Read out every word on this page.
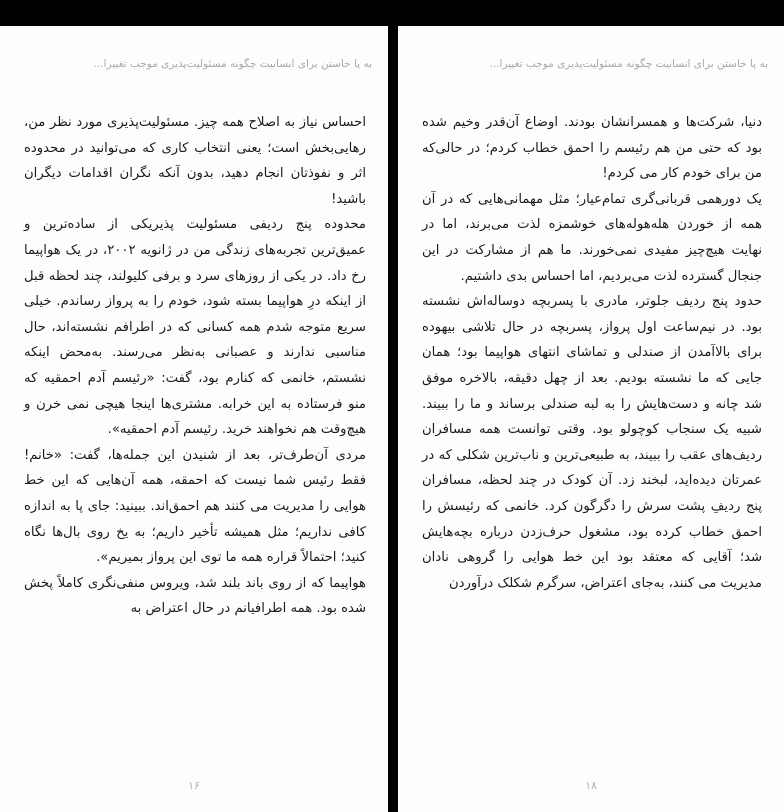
به پا خاستن برای انسانیت چگونه مسئولیت‌پذیری موجب تغییرا...

احساس نیاز به اصلاح همه چیز. مسئولیت‌پذیری مورد نظر من، رهایی‌بخش است؛ یعنی انتخاب کاری که می‌توانید در محدوده اثر و نفوذتان انجام دهید، بدون آنکه نگران اقدامات دیگران باشید!

محدوده پنج ردیفی مسئولیت پذیریکی از ساده‌ترین و عمیق‌ترین تجربه‌های زندگی من در ژانویه ۲۰۰۲، در یک هواپیما رخ داد. در یکی از روزهای سرد و برفی کلیولند، چند لحظه قبل از اینکه درِ هواپیما بسته شود، خودم را به پرواز رساندم. خیلی سریع متوجه شدم همه کسانی که در اطرافم نشسته‌اند، حال مناسبی ندارند و عصبانی به‌نظر می‌رسند. به‌محض اینکه نشستم، خانمی که کنارم بود، گفت: «رئیسم آدم احمقیه که منو فرستاده به این خرابه. مشتری‌ها اینجا هیچی نمی خرن و هیچ‌وقت هم نخواهند خرید. رئیسم آدم احمقیه».

مردی آن‌طرف‌تر، بعد از شنیدن این جمله‌ها، گفت: «خانم! فقط رئیس شما نیست که احمقه، همه آن‌هایی که این خط هوایی را مدیریت می کنند هم احمق‌اند. ببینید: جای پا به اندازه کافی نداریم؛ مثل همیشه تأخیر داریم؛ به یخ روی بال‌ها نگاه کنید؛ احتمالاً قراره همه ما توی این پرواز بمیریم».

هواپیما که از روی باند بلند شد، ویروس منفی‌نگری کاملاً پخش شده بود. همه اطرافیانم در حال اعتراض به

۱۶
به پا خاستن برای انسانیت چگونه مسئولیت‌پذیری موجب تغییرا...

دنیا، شرکت‌ها و همسرانشان بودند. اوضاع آن‌قدر وخیم شده بود که حتی من هم رئیسم را احمق خطاب کردم؛ در حالی‌که من برای خودم کار می کردم!

یک دورهمی قربانی‌گری تمام‌عیار؛ مثل مهمانی‌هایی که در آن همه از خوردن هله‌هوله‌های خوشمزه لذت می‌برند، اما در نهایت هیچ‌چیز مفیدی نمی‌خورند. ما هم از مشارکت در این جنجال گسترده لذت می‌بردیم، اما احساس بدی داشتیم.

حدود پنج ردیف جلوتر، مادری با پسربچه دوساله‌اش نشسته بود. در نیم‌ساعت اول پرواز، پسربچه در حال تلاشی بیهوده برای بالاآمدن از صندلی و تماشای انتهای هواپیما بود؛ همان جایی که ما نشسته بودیم. بعد از چهل دقیقه، بالاخره موفق شد چانه و دست‌هایش را به لبه صندلی برساند و ما را ببیند. شبیه یک سنجاب کوچولو بود. وقتی توانست همه مسافران ردیف‌های عقب را ببیند، به طبیعی‌ترین و ناب‌ترین شکلی که در عمرتان دیده‌اید، لبخند زد. آن کودک در چند لحظه، مسافران پنج ردیفِ پشت سرش را دگرگون کرد. خانمی که رئیسش را احمق خطاب کرده بود، مشغول حرف‌زدن درباره بچه‌هایش شد؛ آقایی که معتقد بود این خط هوایی را گروهی نادان مدیریت می کنند، به‌جای اعتراض، سرگرم شکلک درآوردن

۱۸
